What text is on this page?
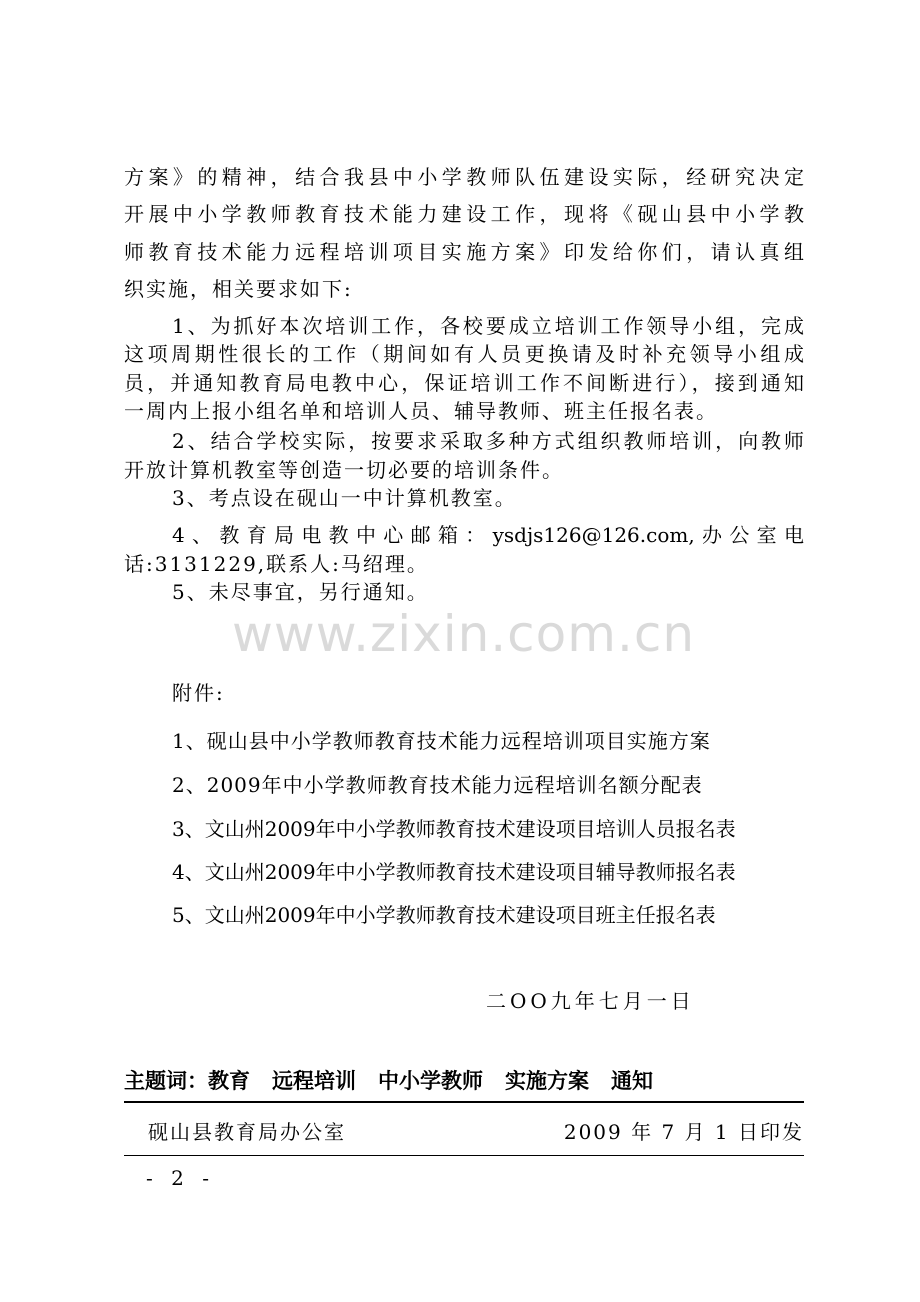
方案》的精神，结合我县中小学教师队伍建设实际，经研究决定
开展中小学教师教育技术能力建设工作，现将《砚山县中小学教
师教育技术能力远程培训项目实施方案》印发给你们，请认真组
织实施，相关要求如下:
1、为抓好本次培训工作，各校要成立培训工作领导小组，完成
这项周期性很长的工作（期间如有人员更换请及时补充领导小组成
员，并通知教育局电教中心，保证培训工作不间断进行），接到通知
一周内上报小组名单和培训人员、辅导教师、班主任报名表。
2、结合学校实际，按要求采取多种方式组织教师培训，向教师
开放计算机教室等创造一切必要的培训条件。
3、考点设在砚山一中计算机教室。
4、教育局电教中心邮箱：ysdjs126@126.com,办公室电
话:3131229,联系人:马绍理。
5、未尽事宜，另行通知。
www.zixin.com.cn
附件:
1、砚山县中小学教师教育技术能力远程培训项目实施方案
2、2009年中小学教师教育技术能力远程培训名额分配表
3、文山州2009年中小学教师教育技术建设项目培训人员报名表
4、文山州2009年中小学教师教育技术建设项目辅导教师报名表
5、文山州2009年中小学教师教育技术建设项目班主任报名表
二OO九年七月一日
主题词：教育 远程培训 中小学教师 实施方案 通知
砚山县教育局办公室	2009 年 7 月 1 日印发
- 2 -
